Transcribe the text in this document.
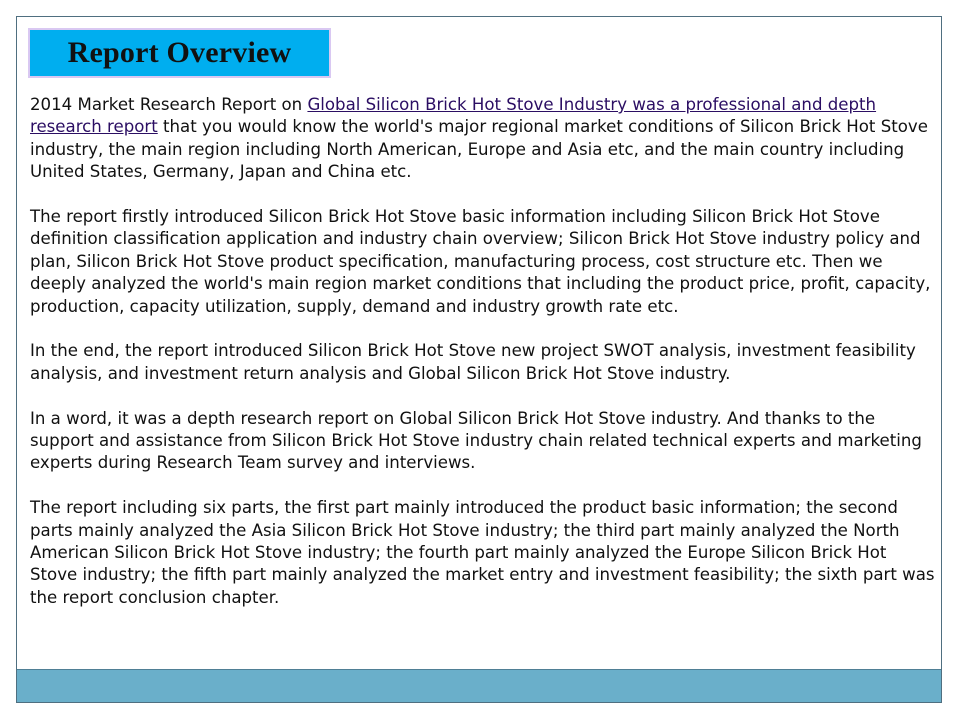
Report Overview

2014 Market Research Report on Global Silicon Brick Hot Stove Industry was a professional and depth research report that you would know the world's major regional market conditions of Silicon Brick Hot Stove industry, the main region including North American, Europe and Asia etc, and the main country including United States, Germany, Japan and China etc.

The report firstly introduced Silicon Brick Hot Stove basic information including Silicon Brick Hot Stove definition classification application and industry chain overview; Silicon Brick Hot Stove industry policy and plan, Silicon Brick Hot Stove product specification, manufacturing process, cost structure etc. Then we deeply analyzed the world's main region market conditions that including the product price, profit, capacity, production, capacity utilization, supply, demand and industry growth rate etc.

In the end, the report introduced Silicon Brick Hot Stove new project SWOT analysis, investment feasibility analysis, and investment return analysis and Global Silicon Brick Hot Stove industry.

In a word, it was a depth research report on Global Silicon Brick Hot Stove industry. And thanks to the support and assistance from Silicon Brick Hot Stove industry chain related technical experts and marketing experts during Research Team survey and interviews.

The report including six parts, the first part mainly introduced the product basic information; the second parts mainly analyzed the Asia Silicon Brick Hot Stove industry; the third part mainly analyzed the North American Silicon Brick Hot Stove industry; the fourth part mainly analyzed the Europe Silicon Brick Hot Stove industry; the fifth part mainly analyzed the market entry and investment feasibility; the sixth part was the report conclusion chapter.
